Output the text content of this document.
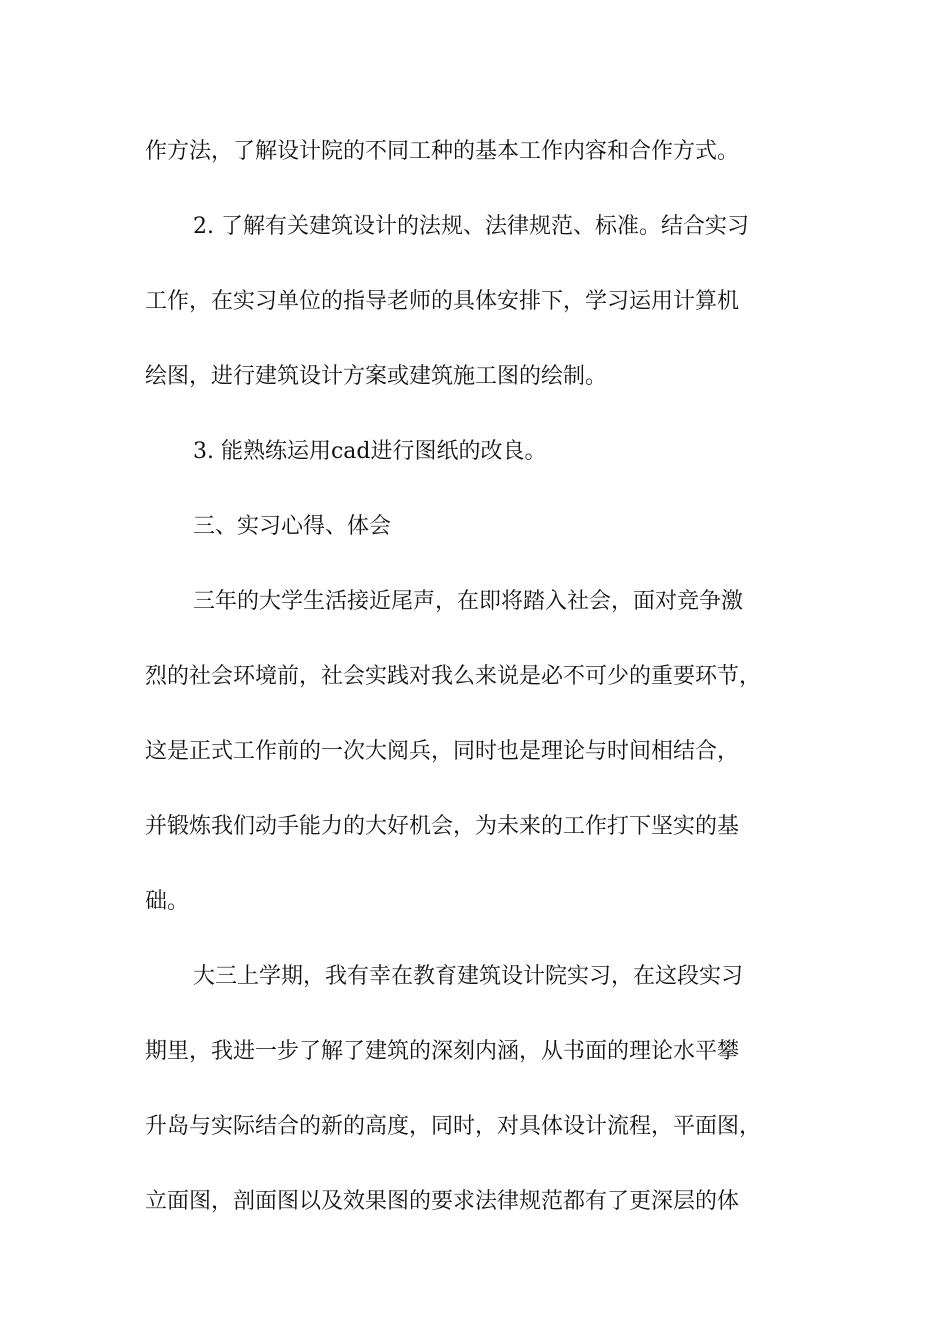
作方法，了解设计院的不同工种的基本工作内容和合作方式。
2. 了解有关建筑设计的法规、法律规范、标准。结合实习
工作，在实习单位的指导老师的具体安排下，学习运用计算机
绘图，进行建筑设计方案或建筑施工图的绘制。
3. 能熟练运用cad进行图纸的改良。
三、实习心得、体会
三年的大学生活接近尾声，在即将踏入社会，面对竞争激
烈的社会环境前，社会实践对我么来说是必不可少的重要环节，
这是正式工作前的一次大阅兵，同时也是理论与时间相结合，
并锻炼我们动手能力的大好机会，为未来的工作打下坚实的基
础。
大三上学期，我有幸在教育建筑设计院实习，在这段实习
期里，我进一步了解了建筑的深刻内涵，从书面的理论水平攀
升岛与实际结合的新的高度，同时，对具体设计流程，平面图，
立面图，剖面图以及效果图的要求法律规范都有了更深层的体
